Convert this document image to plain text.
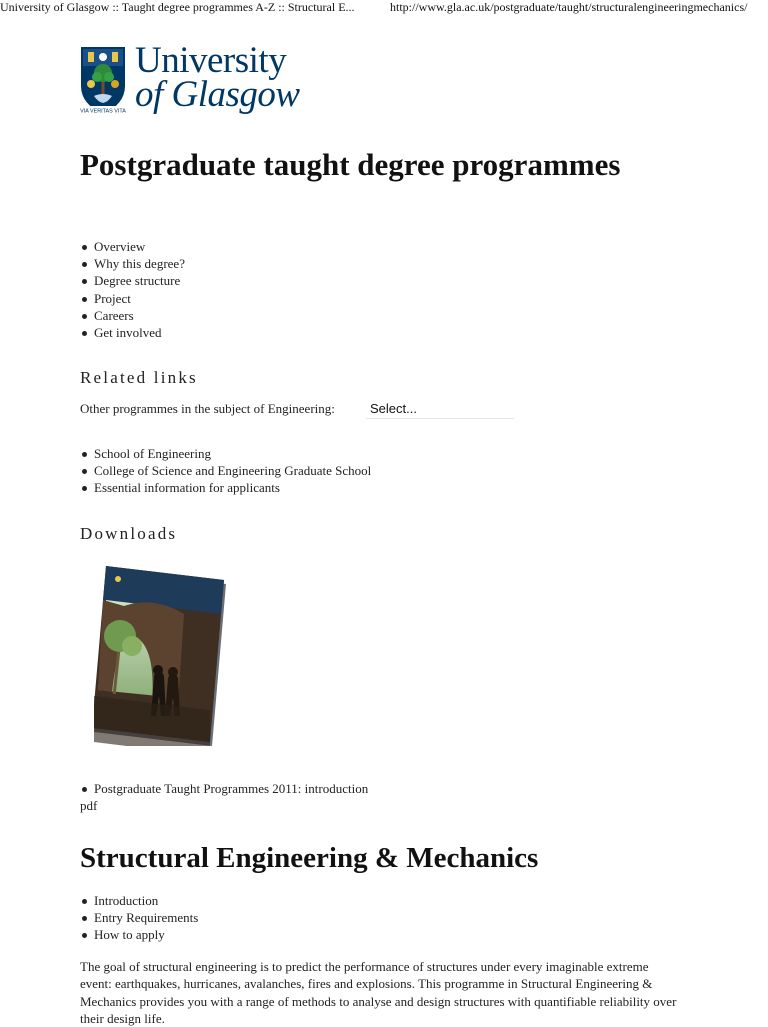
University of Glasgow :: Taught degree programmes A-Z :: Structural E...	http://www.gla.ac.uk/postgraduate/taught/structuralengineeringmechanics/
VIA VERITAS VITA
University
of Glasgow
Postgraduate taught degree programmes
Overview
Why this degree?
Degree structure
Project
Careers
Get involved
Related links
Other programmes in the subject of Engineering:	Select...
School of Engineering
College of Science and Engineering Graduate School
Essential information for applicants
Downloads
Postgraduate Taught Programmes 2011: introduction
pdf
Structural Engineering & Mechanics
Introduction
Entry Requirements
How to apply

The goal of structural engineering is to predict the performance of structures under every imaginable extreme event: earthquakes, hurricanes, avalanches, fires and explosions. This programme in Structural Engineering & Mechanics provides you with a range of methods to analyse and design structures with quantifiable reliability over their design life.
